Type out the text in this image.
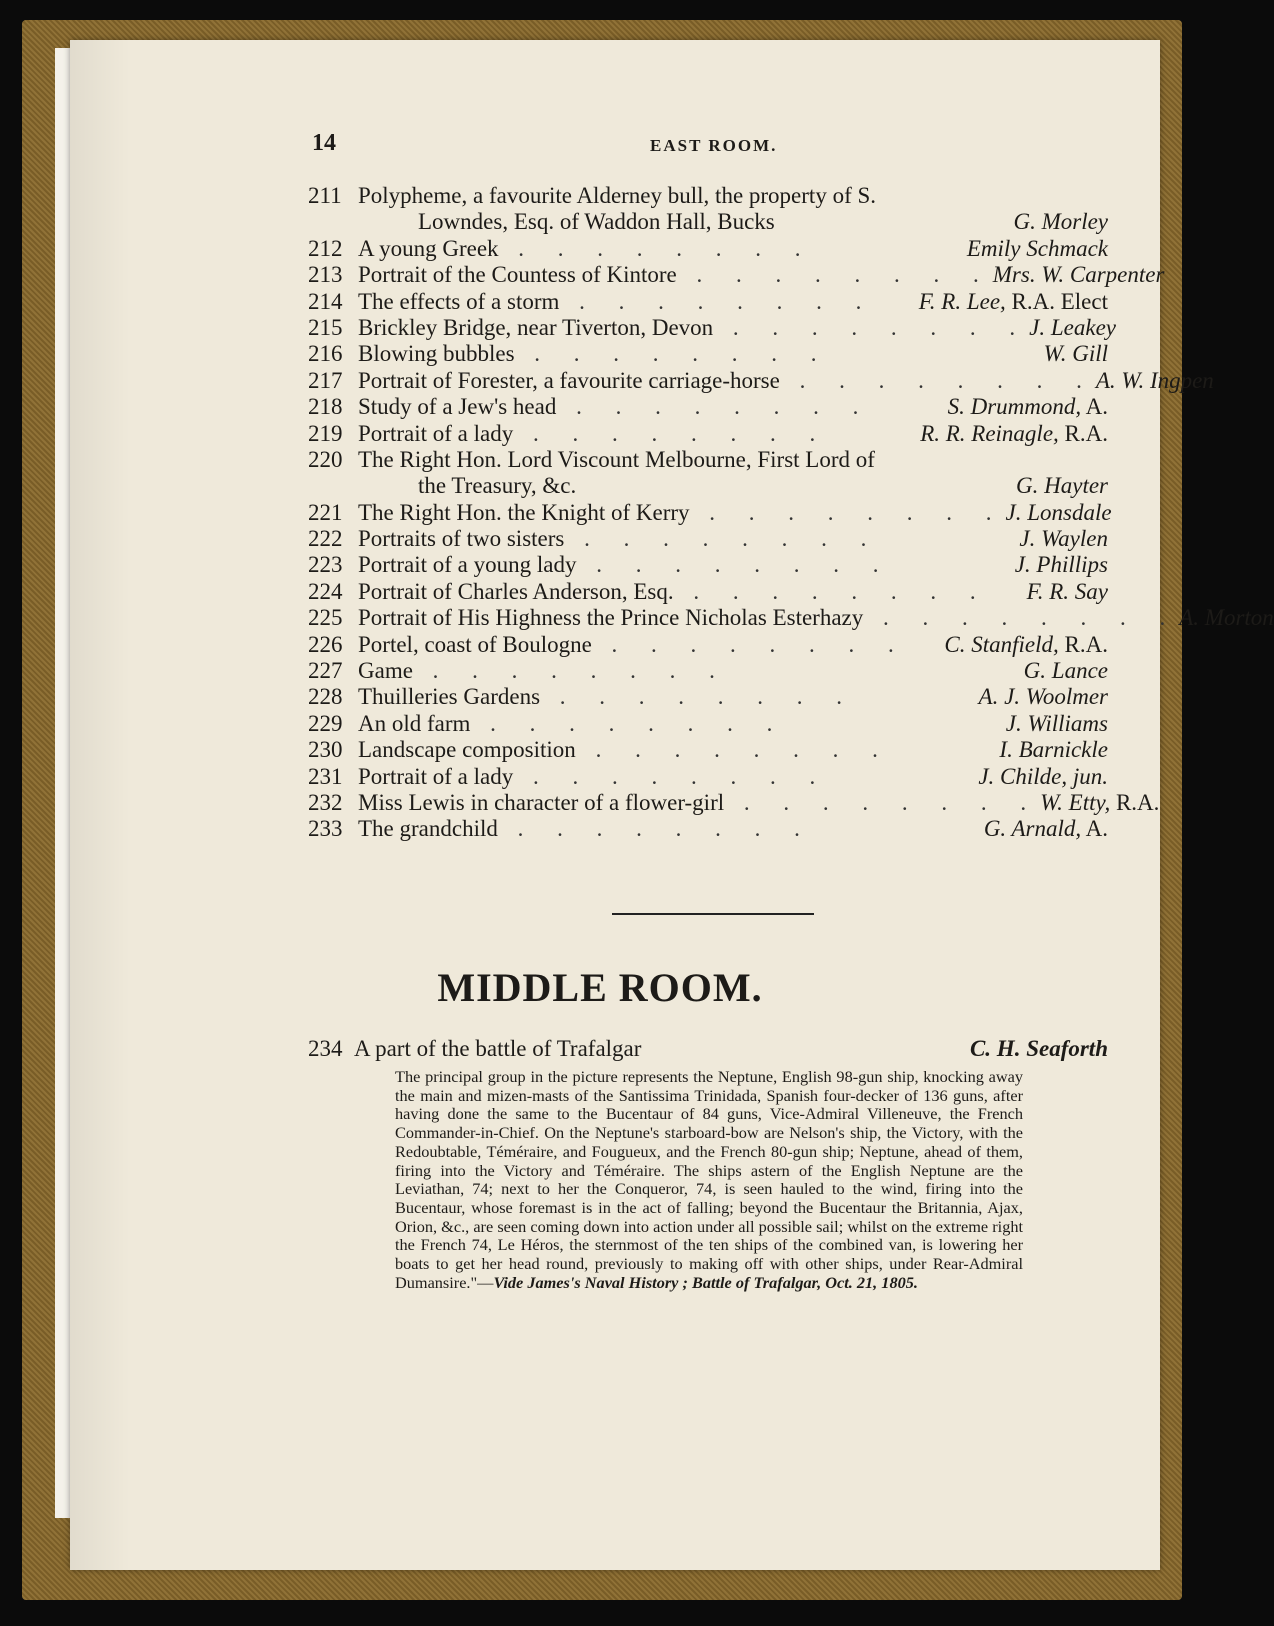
14	EAST ROOM.
211 Polypheme, a favourite Alderney bull, the property of S.
Lowndes, Esq. of Waddon Hall, Bucks	G. Morley
212 A young Greek . . . . . . . .	Emily Schmack
213 Portrait of the Countess of Kintore . . . . . . . . Mrs. W. Carpenter
214 The effects of a storm . . . . . . . .	F. R. Lee, R.A. Elect
215 Brickley Bridge, near Tiverton, Devon . . . . . . . . J. Leakey
216 Blowing bubbles . . . . . . . .	W. Gill
217 Portrait of Forester, a favourite carriage-horse . . . . . . . . A. W. Ingpen
218 Study of a Jew's head . . . . . . . .	S. Drummond, A.
219 Portrait of a lady . . . . . . . .	R. R. Reinagle, R.A.
220 The Right Hon. Lord Viscount Melbourne, First Lord of
the Treasury, &c.	G. Hayter
221 The Right Hon. the Knight of Kerry . . . . . . . . J. Lonsdale
222 Portraits of two sisters . . . . . . . .	J. Waylen
223 Portrait of a young lady . . . . . . . .	J. Phillips
224 Portrait of Charles Anderson, Esq. . . . . . . . .	F. R. Say
225 Portrait of His Highness the Prince Nicholas Esterhazy . . . . . . . . A. Morton
226 Portel, coast of Boulogne . . . . . . . .	C. Stanfield, R.A.
227 Game . . . . . . . .	G. Lance
228 Thuilleries Gardens . . . . . . . .	A. J. Woolmer
229 An old farm . . . . . . . .	J. Williams
230 Landscape composition . . . . . . . .	I. Barnickle
231 Portrait of a lady . . . . . . . .	J. Childe, jun.
232 Miss Lewis in character of a flower-girl . . . . . . . . W. Etty, R.A.
233 The grandchild . . . . . . . .	G. Arnald, A.
MIDDLE ROOM.
234 A part of the battle of Trafalgar	C. H. Seaforth
The principal group in the picture represents the Neptune, English 98-gun ship, knocking away the main and mizen-masts of the Santissima Trinidada, Spanish four-decker of 136 guns, after having done the same to the Bucentaur of 84 guns, Vice-Admiral Villeneuve, the French Commander-in-Chief. On the Neptune's starboard-bow are Nelson's ship, the Victory, with the Redoubtable, Téméraire, and Fougueux, and the French 80-gun ship; Neptune, ahead of them, firing into the Victory and Téméraire. The ships astern of the English Neptune are the Leviathan, 74; next to her the Conqueror, 74, is seen hauled to the wind, firing into the Bucentaur, whose foremast is in the act of falling; beyond the Bucentaur the Britannia, Ajax, Orion, &c., are seen coming down into action under all possible sail; whilst on the extreme right the French 74, Le Héros, the sternmost of the ten ships of the combined van, is lowering her boats to get her head round, previously to making off with other ships, under Rear-Admiral Dumansire."—Vide James's Naval History ; Battle of Trafalgar, Oct. 21, 1805.
